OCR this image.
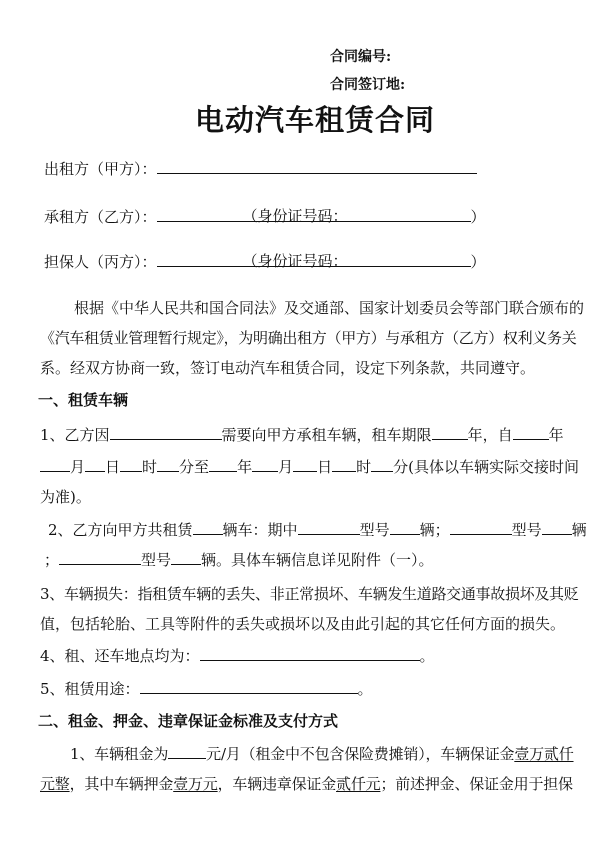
合同编号:
合同签订地:
电动汽车租赁合同
出租方（甲方）：
承租方（乙方）：	（身份证号码：	）
担保人（丙方）：	（身份证号码：	）
根据《中华人民共和国合同法》及交通部、国家计划委员会等部门联合颁布的
《汽车租赁业管理暂行规定》，为明确出租方（甲方）与承租方（乙方）权利义务关
系。经双方协商一致，签订电动汽车租赁合同，设定下列条款，共同遵守。
一、租赁车辆
1、乙方因	需要向甲方承租车辆，租车期限 年，自 年
月 日 时 分至 年 月 日 时 分(具体以车辆实际交接时间
为准)。
2、乙方向甲方共租赁 辆车：期中	型号 辆；	型号 辆
；	型号 辆。具体车辆信息详见附件（一）。
3、车辆损失：指租赁车辆的丢失、非正常损坏、车辆发生道路交通事故损坏及其贬
值，包括轮胎、工具等附件的丢失或损坏以及由此引起的其它任何方面的损失。
4、租、还车地点均为：	。
5、租赁用途：	。
二、租金、押金、违章保证金标准及支付方式
1、车辆租金为	元/月（租金中不包含保险费摊销），车辆保证金壹万贰仟
元整，其中车辆押金壹万元，车辆违章保证金贰仟元；前述押金、保证金用于担保
